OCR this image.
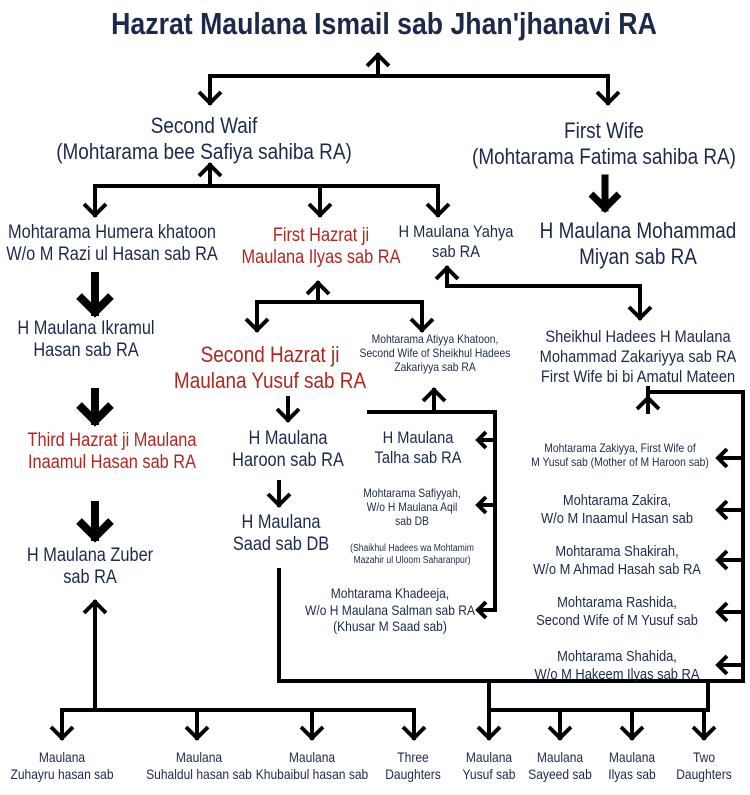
Hazrat Maulana Ismail sab Jhan'jhanavi RA
Second Waif
(Mohtarama bee Safiya sahiba RA)
First Wife
(Mohtarama Fatima sahiba RA)
Mohtarama Humera khatoon
W/o M Razi ul Hasan sab RA
First Hazrat ji
Maulana Ilyas sab RA
H Maulana Yahya
sab RA
H Maulana Mohammad
Miyan sab RA
H Maulana Ikramul
Hasan sab RA	Second Hazrat ji
Maulana Yusuf sab RA
Mohtarama Atiyya Khatoon,
Second Wife of Sheikhul Hadees
Zakariyya sab RA
Sheikhul Hadees H Maulana
Mohammad Zakariyya sab RA
First Wife bi bi Amatul Mateen
Third Hazrat ji Maulana
Inaamul Hasan sab RA
H Maulana
Haroon sab RA
H Maulana
Talha sab RA
Mohtarama Zakiyya, First Wife of
M Yusuf sab (Mother of M Haroon sab)
Mohtarama Safiyyah,
W/o H Maulana Aqil
sab DB
(Shaikhul Hadees wa Mohtamim
Mazahir ul Uloom Saharanpur)
Mohtarama Zakira,
W/o M Inaamul Hasan sab
H Maulana
Saad sab DB
H Maulana Zuber
sab RA
Mohtarama Shakirah,
W/o M Ahmad Hasah sab RA
Mohtarama Khadeeja,
W/o H Maulana Salman sab RA
(Khusar M Saad sab)
Mohtarama Rashida,
Second Wife of M Yusuf sab
Mohtarama Shahida,
W/o M Hakeem Ilyas sab RA
Maulana
Zuhayru hasan sab
Maulana
Suhaldul hasan sab
Maulana
Khubaibul hasan sab
Three
Daughters
Maulana
Yusuf sab
Maulana
Sayeed sab
Maulana
Ilyas sab
Two
Daughters
